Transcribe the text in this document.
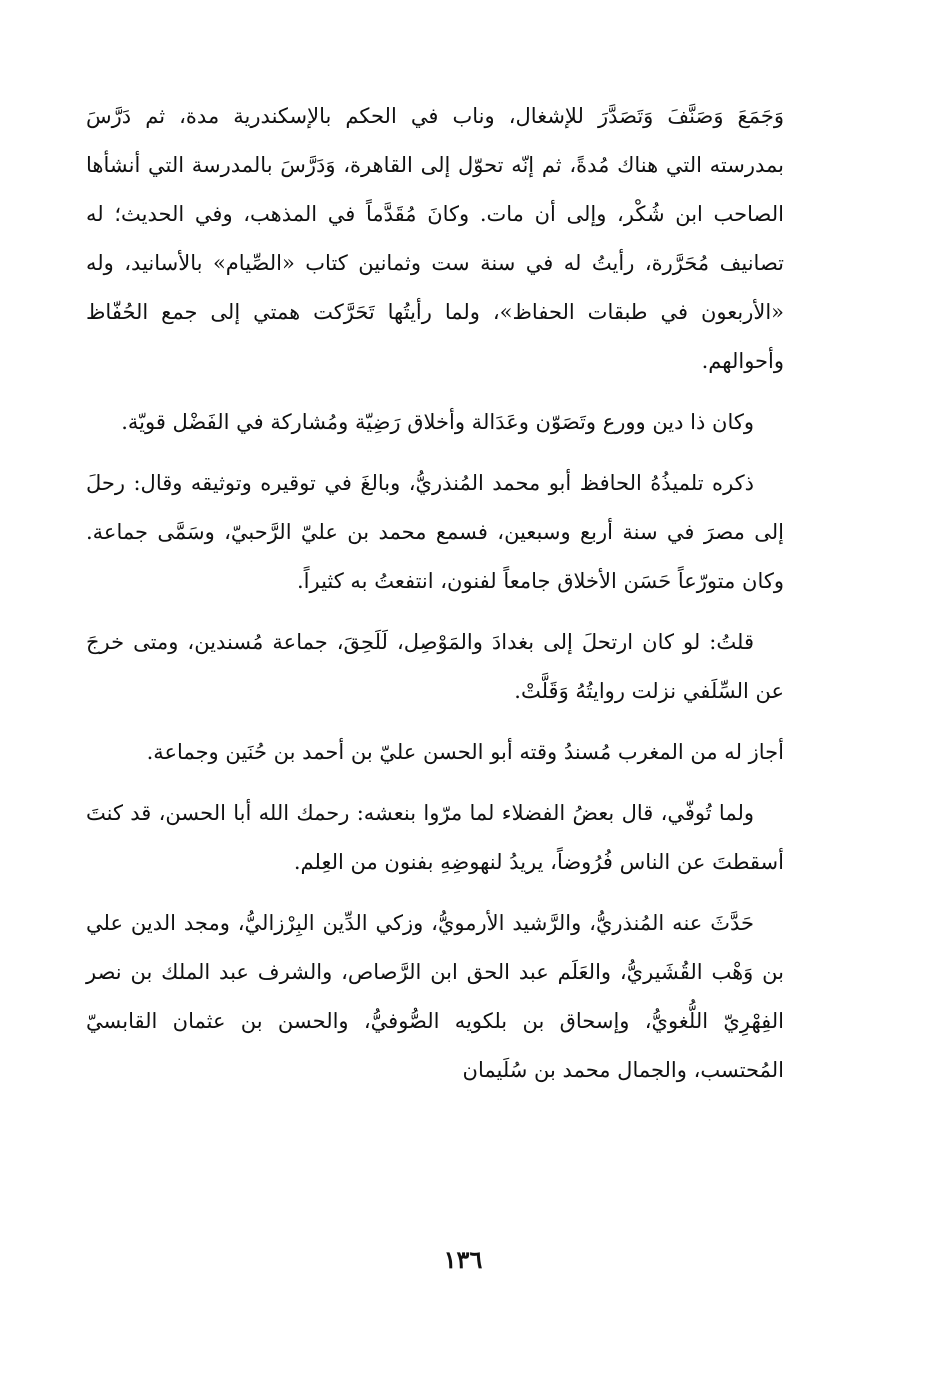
وَجَمَعَ وَصَنَّفَ وَتَصَدَّرَ للإشغال، وناب في الحكم بالإسكندرية مدة، ثم دَرَّسَ بمدرسته التي هناك مُدةً، ثم إنّه تحوّل إلى القاهرة، وَدَرَّسَ بالمدرسة التي أنشأها الصاحب ابن شُكْر، وإلى أن مات. وكانَ مُقَدَّماً في المذهب، وفي الحديث؛ له تصانيف مُحَرَّرة، رأيتُ له في سنة ست وثمانين كتاب «الصِّيام» بالأسانيد، وله «الأربعون في طبقات الحفاظ»، ولما رأيتُها تَحَرَّكت همتي إلى جمع الحُفّاظ وأحوالهم.

وكان ذا دين وورع وتَصَوّن وعَدَالة وأخلاق رَضِيّة ومُشاركة في الفَضْل قويّة.

ذكره تلميذُهُ الحافظ أبو محمد المُنذريُّ، وبالغَ في توقيره وتوثيقه وقال: رحلَ إلى مصرَ في سنة أربع وسبعين، فسمع محمد بن عليّ الرَّحبيّ، وسَمَّى جماعة. وكان متورّعاً حَسَن الأخلاق جامعاً لفنون، انتفعتُ به كثيراً.

قلتُ: لو كان ارتحلَ إلى بغدادَ والمَوْصِل، لَلَحِقَ، جماعة مُسندين، ومتى خرجَ عن السِّلَفي نزلت روايتُهُ وَقَلَّتْ.

أجاز له من المغرب مُسندُ وقته أبو الحسن عليّ بن أحمد بن حُنَين وجماعة.

ولما تُوفّي، قال بعضُ الفضلاء لما مرّوا بنعشه: رحمك الله أبا الحسن، قد كنتَ أسقطتَ عن الناس فُرُوضاً، يريدُ لنهوضِهِ بفنون من العِلم.

حَدَّثَ عنه المُنذريُّ، والرَّشيد الأرمويُّ، وزكي الدِّين البِرْزاليُّ، ومجد الدين علي بن وَهْب القُشَيريُّ، والعَلَم عبد الحق ابن الرَّصاص، والشرف عبد الملك بن نصر الفِهْرِيّ اللُّغويُّ، وإسحاق بن بلكويه الصُّوفيُّ، والحسن بن عثمان القابسيّ المُحتسب، والجمال محمد بن سُلَيمان

١٣٦
